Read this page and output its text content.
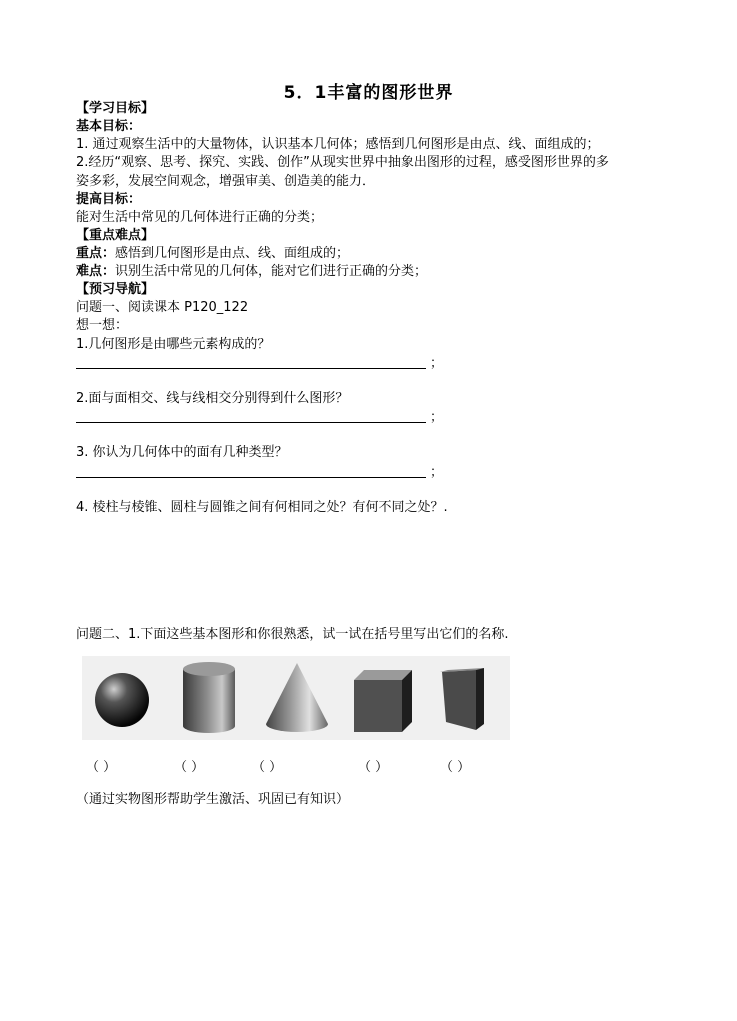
5．1丰富的图形世界
【学习目标】
基本目标：
1. 通过观察生活中的大量物体，认识基本几何体；感悟到几何图形是由点、线、面组成的；
2.经历“观察、思考、探究、实践、创作”从现实世界中抽象出图形的过程，感受图形世界的多
姿多彩，发展空间观念，增强审美、创造美的能力．
提高目标：
能对生活中常见的几何体进行正确的分类；
【重点难点】
重点：感悟到几何图形是由点、线、面组成的；
难点：识别生活中常见的几何体，能对它们进行正确的分类；
【预习导航】
问题一、阅读课本 P120_122
想一想：
1.几何图形是由哪些元素构成的？
；
2.面与面相交、线与线相交分别得到什么图形？
；
3. 你认为几何体中的面有几种类型？
；
4. 棱柱与棱锥、圆柱与圆锥之间有何相同之处？有何不同之处？.
问题二、1.下面这些基本图形和你很熟悉，试一试在括号里写出它们的名称.
（ ）	（ ）	（ ）	（ ）	（ ）
（通过实物图形帮助学生激活、巩固已有知识）
